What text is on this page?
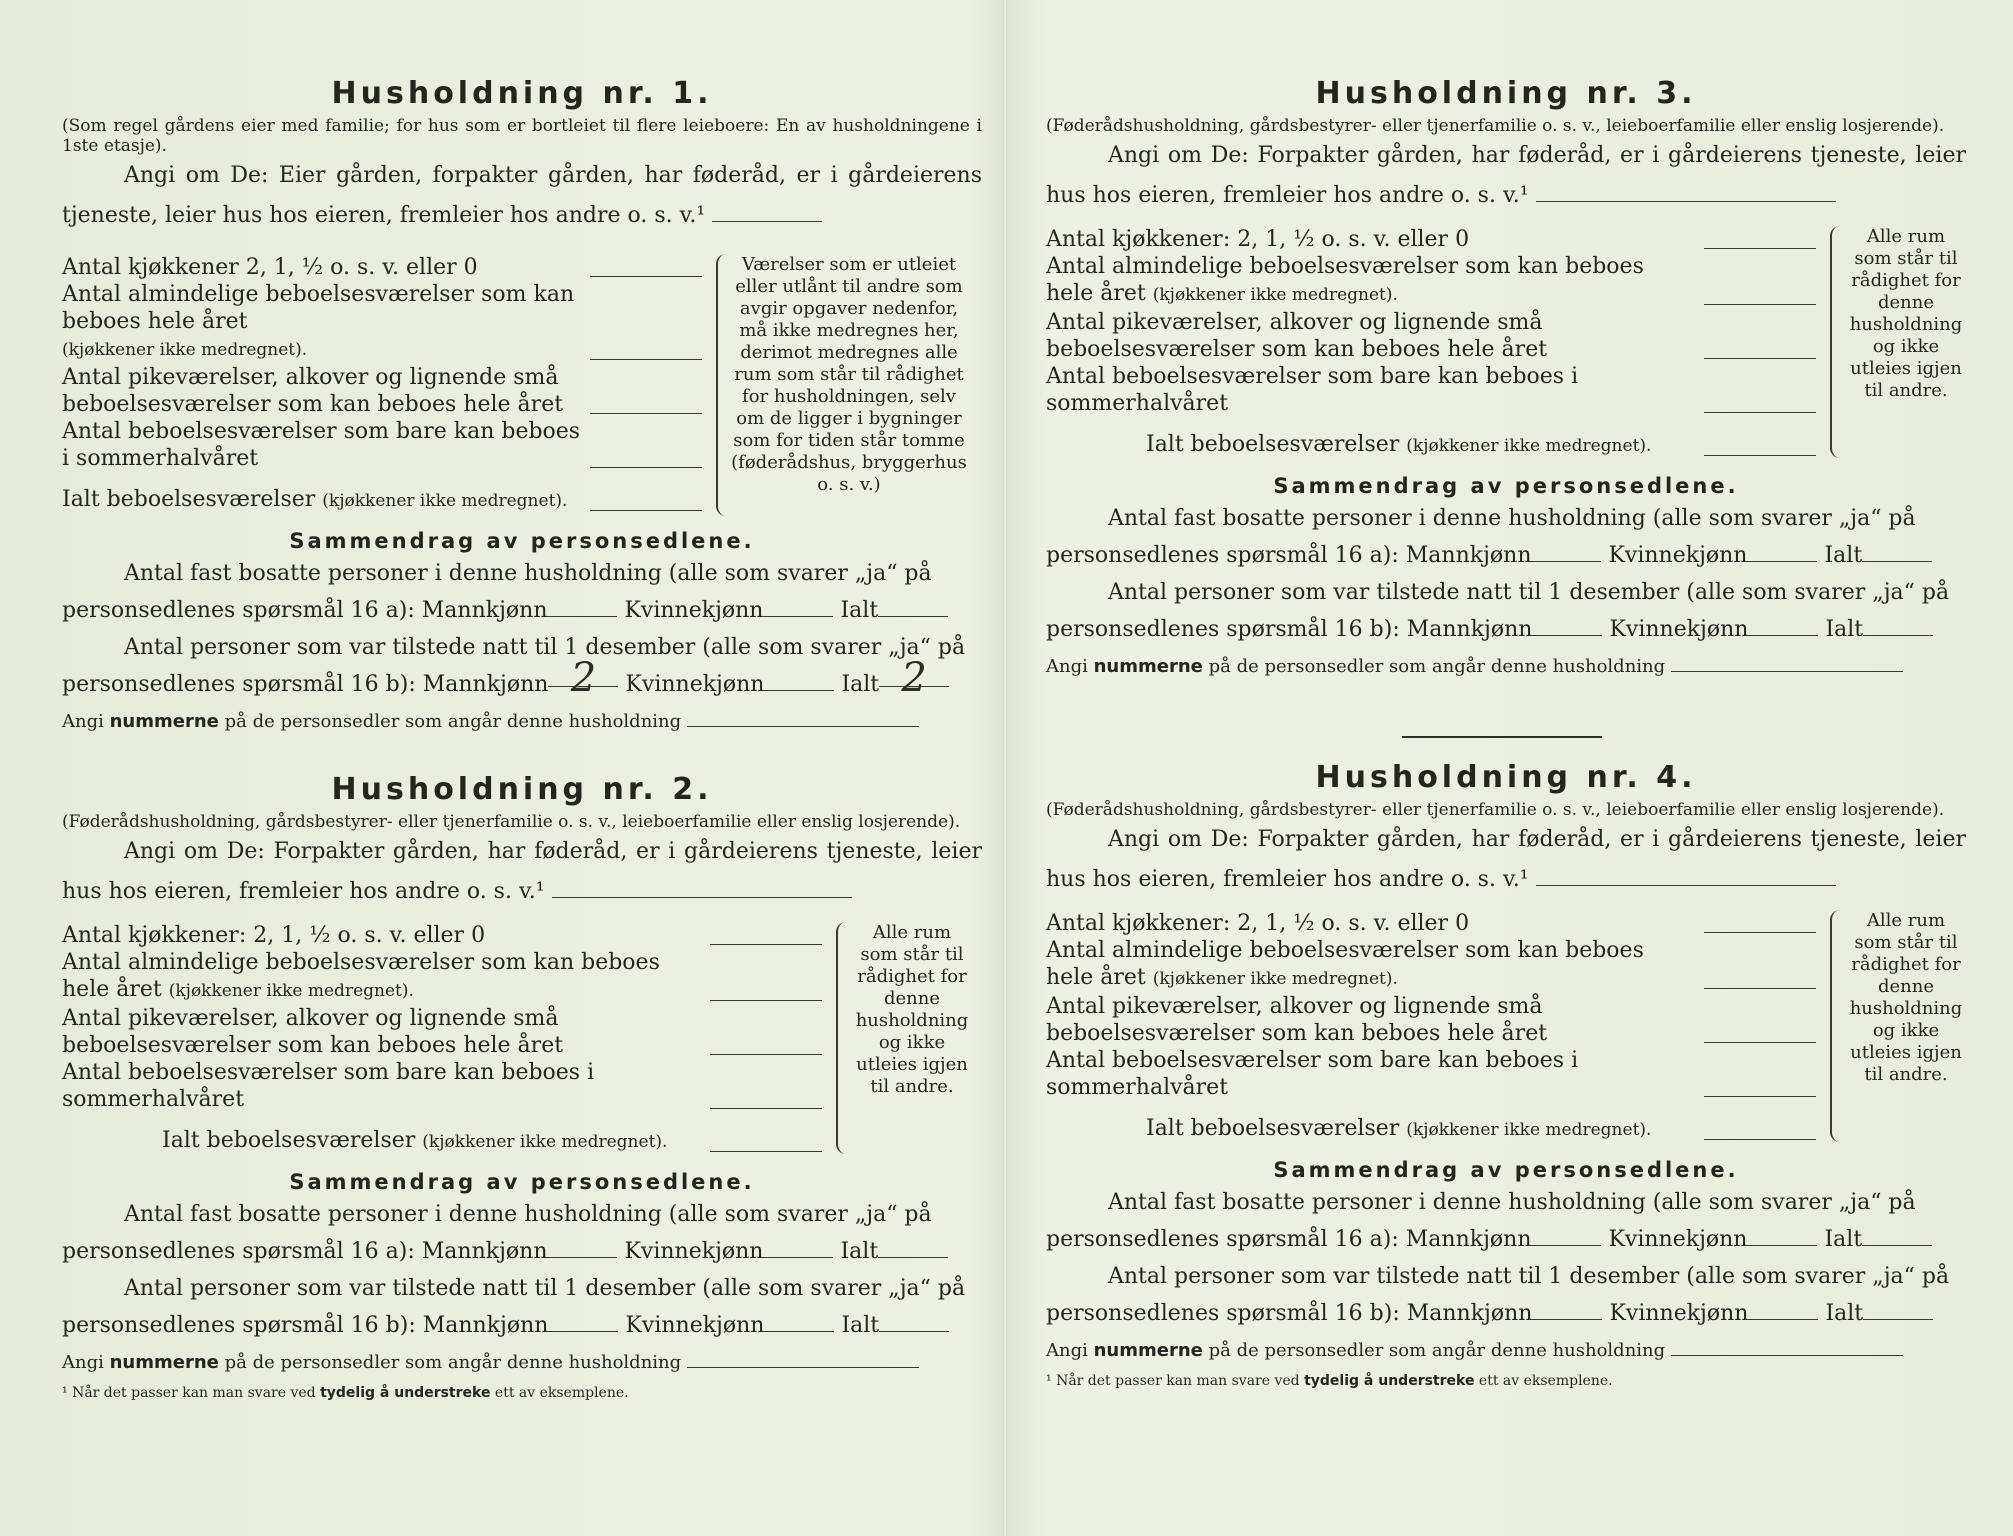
Husholdning nr. 1.

(Som regel gårdens eier med familie; for hus som er bortleiet til flere leieboere: En av husholdningene i 1ste etasje).

Angi om De: Eier gården, forpakter gården, har føderåd, er i gårdeierens tjeneste, leier hus hos eieren, fremleier hos andre o. s. v.¹

Antal kjøkkener 2, 1, ½ o. s. v. eller 0
Antal almindelige beboelsesværelser som kan beboes hele året
(kjøkkener ikke medregnet).
Antal pikeværelser, alkover og lignende små beboelsesværelser som kan beboes hele året
Antal beboelsesværelser som bare kan beboes i sommerhalvåret
Ialt beboelsesværelser (kjøkkener ikke medregnet).
Værelser som er utleiet eller utlånt til andre som avgir opgaver nedenfor, må ikke medregnes her, derimot medregnes alle rum som står til rådighet for husholdningen, selv om de ligger i bygninger som for tiden står tomme (føderådshus, bryggerhus o. s. v.)
Sammendrag av personsedlene.

Antal fast bosatte personer i denne husholdning (alle som svarer „ja“ på

personsedlenes spørsmål 16 a): Mannkjønn	Kvinnekjønn	Ialt

Antal personer som var tilstede natt til 1 desember (alle som svarer „ja“ på

personsedlenes spørsmål 16 b): Mannkjønn 2 Kvinnekjønn	Ialt 2

Angi nummerne på de personsedler som angår denne husholdning

Husholdning nr. 2.

(Føderådshusholdning, gårdsbestyrer- eller tjenerfamilie o. s. v., leieboerfamilie eller enslig losjerende).

Angi om De: Forpakter gården, har føderåd, er i gårdeierens tjeneste, leier hus hos eieren, fremleier hos andre o. s. v.¹

Antal kjøkkener: 2, 1, ½ o. s. v. eller 0
Antal almindelige beboelsesværelser som kan beboes hele året (kjøkkener ikke medregnet).
Antal pikeværelser, alkover og lignende små beboelsesværelser som kan beboes hele året
Antal beboelsesværelser som bare kan beboes i sommerhalvåret
Ialt beboelsesværelser (kjøkkener ikke medregnet).
Alle rum som står til rådighet for denne husholdning og ikke utleies igjen til andre.
Sammendrag av personsedlene.

Antal fast bosatte personer i denne husholdning (alle som svarer „ja“ på

personsedlenes spørsmål 16 a): Mannkjønn	Kvinnekjønn	Ialt

Antal personer som var tilstede natt til 1 desember (alle som svarer „ja“ på

personsedlenes spørsmål 16 b): Mannkjønn	Kvinnekjønn	Ialt

Angi nummerne på de personsedler som angår denne husholdning

¹ Når det passer kan man svare ved tydelig å understreke ett av eksemplene.
Husholdning nr. 3.

(Føderådshusholdning, gårdsbestyrer- eller tjenerfamilie o. s. v., leieboerfamilie eller enslig losjerende).

Angi om De: Forpakter gården, har føderåd, er i gårdeierens tjeneste, leier hus hos eieren, fremleier hos andre o. s. v.¹

Antal kjøkkener: 2, 1, ½ o. s. v. eller 0
Antal almindelige beboelsesværelser som kan beboes hele året (kjøkkener ikke medregnet).
Antal pikeværelser, alkover og lignende små beboelsesværelser som kan beboes hele året
Antal beboelsesværelser som bare kan beboes i sommerhalvåret
Ialt beboelsesværelser (kjøkkener ikke medregnet).
Alle rum som står til rådighet for denne husholdning og ikke utleies igjen til andre.
Sammendrag av personsedlene.

Antal fast bosatte personer i denne husholdning (alle som svarer „ja“ på

personsedlenes spørsmål 16 a): Mannkjønn	Kvinnekjønn	Ialt

Antal personer som var tilstede natt til 1 desember (alle som svarer „ja“ på

personsedlenes spørsmål 16 b): Mannkjønn	Kvinnekjønn	Ialt

Angi nummerne på de personsedler som angår denne husholdning

Husholdning nr. 4.

(Føderådshusholdning, gårdsbestyrer- eller tjenerfamilie o. s. v., leieboerfamilie eller enslig losjerende).

Angi om De: Forpakter gården, har føderåd, er i gårdeierens tjeneste, leier hus hos eieren, fremleier hos andre o. s. v.¹

Antal kjøkkener: 2, 1, ½ o. s. v. eller 0
Antal almindelige beboelsesværelser som kan beboes hele året (kjøkkener ikke medregnet).
Antal pikeværelser, alkover og lignende små beboelsesværelser som kan beboes hele året
Antal beboelsesværelser som bare kan beboes i sommerhalvåret
Ialt beboelsesværelser (kjøkkener ikke medregnet).
Alle rum som står til rådighet for denne husholdning og ikke utleies igjen til andre.
Sammendrag av personsedlene.

Antal fast bosatte personer i denne husholdning (alle som svarer „ja“ på

personsedlenes spørsmål 16 a): Mannkjønn	Kvinnekjønn	Ialt

Antal personer som var tilstede natt til 1 desember (alle som svarer „ja“ på

personsedlenes spørsmål 16 b): Mannkjønn	Kvinnekjønn	Ialt

Angi nummerne på de personsedler som angår denne husholdning

¹ Når det passer kan man svare ved tydelig å understreke ett av eksemplene.
